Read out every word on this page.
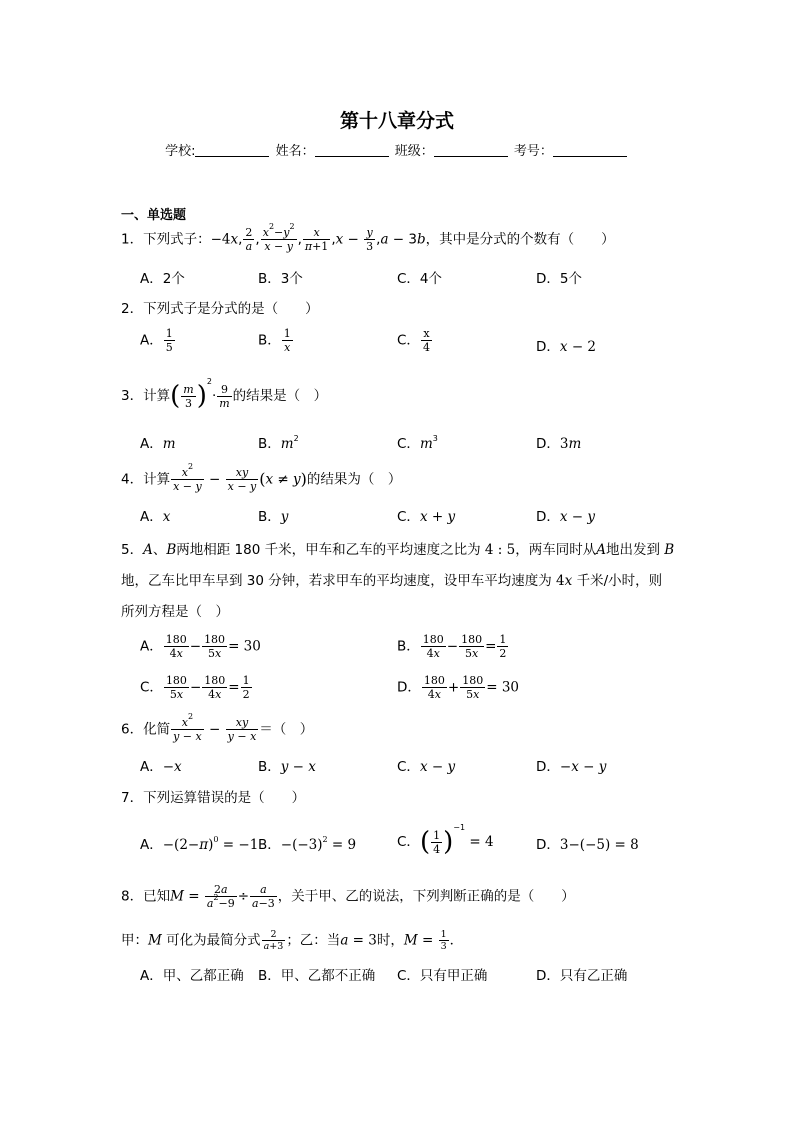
第十八章分式
学校:	姓名：	班级：	考号：
一、单选题
1．下列式子：−4x, $\frac{2}{a}$ , $\frac{x^2-y^2}{x - y}$ , $\frac{x}{\pi+1} ,x - \frac{y}{3} ,a - 3b$，其中是分式的个数有（　　）
A．2个	B．3个	C．4个	D．5个
2．下列式子是分式的是（　　）
A． $\frac{1}{5}$	B． $\frac{1}{x}$	C． $\frac{x}{4}$	D．x − 2
3．计算( $\frac{m}{3} )^2\cdot \frac{9}{m}$ 的结果是（　）
A．m	B．$m^2$	C．$m^3$	D．3m
4．计算 $\frac{x^2}{x - y} - \frac{xy}{x - y} (x \ne y)$的结果为（　）
A．x	B．y	C．x + y	D．x − y
5．A、B两地相距 180 千米，甲车和乙车的平均速度之比为 4 : 5，两车同时从A地出发到 B
地，乙车比甲车早到 30 分钟，若求甲车的平均速度，设甲车平均速度为 4x 千米/小时，则
所列方程是（　）
A． $\frac{180}{4x} - \frac{180}{5x} = 30$	B． $\frac{180}{4x} - \frac{180}{5x} = \frac{1}{2}$
C． $\frac{180}{5x} - \frac{180}{4x} = \frac{1}{2}$	D． $\frac{180}{4x} + \frac{180}{5x} = 30$
6．化简 $\frac{x^2}{y - x} - \frac{xy}{y - x}$ ＝（　）
A．−x	B．y − x	C．x − y	D．−x − y
7．下列运算错误的是（　　）
A．$-(2-\pi)^0 = -1$ B．$-(-3)^2 = 9$	C．( $\frac{1}{4} )^{-1} = 4$	D．3−(−5) = 8
8．已知$M = \frac{2a}{a^2-9} \div \frac{a}{a-3}$ ，关于甲、乙的说法，下列判断正确的是（　　）
甲：M 可化为最简分式 $\frac{2}{a+3}$ ；乙：当a = 3时，$M = \frac{1}{3}$ ．
A．甲、乙都正确 B．甲、乙都不正确 C．只有甲正确	D．只有乙正确
